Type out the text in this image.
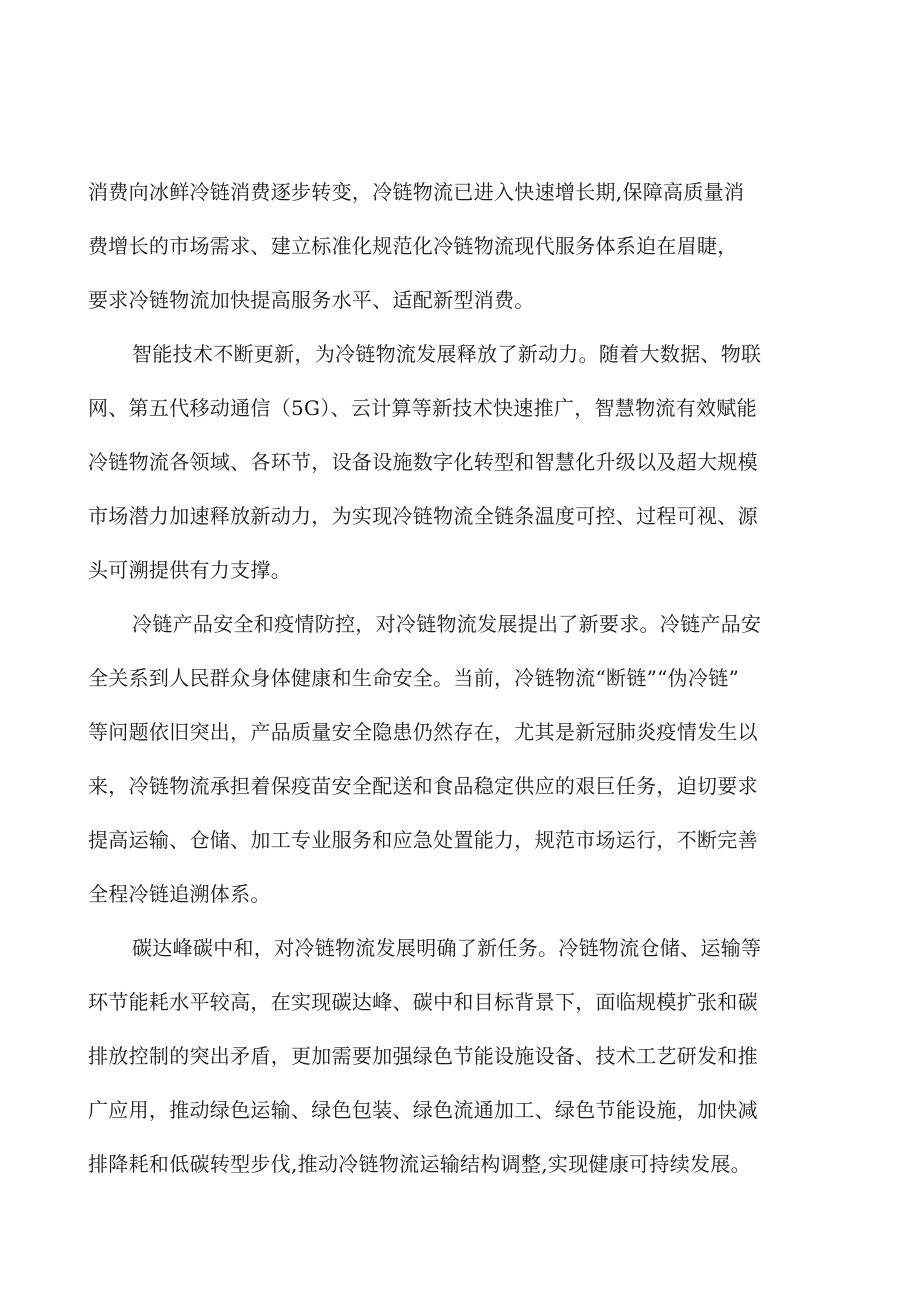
消费向冰鲜冷链消费逐步转变，冷链物流已进入快速增长期,保障高质量消
费增长的市场需求、建立标准化规范化冷链物流现代服务体系迫在眉睫，
要求冷链物流加快提高服务水平、适配新型消费。
智能技术不断更新，为冷链物流发展释放了新动力。随着大数据、物联
网、第五代移动通信（5G）、云计算等新技术快速推广，智慧物流有效赋能
冷链物流各领域、各环节，设备设施数字化转型和智慧化升级以及超大规模
市场潜力加速释放新动力，为实现冷链物流全链条温度可控、过程可视、源
头可溯提供有力支撑。
冷链产品安全和疫情防控，对冷链物流发展提出了新要求。冷链产品安
全关系到人民群众身体健康和生命安全。当前，冷链物流“断链”“伪冷链”
等问题依旧突出，产品质量安全隐患仍然存在，尤其是新冠肺炎疫情发生以
来，冷链物流承担着保疫苗安全配送和食品稳定供应的艰巨任务，迫切要求
提高运输、仓储、加工专业服务和应急处置能力，规范市场运行，不断完善
全程冷链追溯体系。
碳达峰碳中和，对冷链物流发展明确了新任务。冷链物流仓储、运输等
环节能耗水平较高，在实现碳达峰、碳中和目标背景下，面临规模扩张和碳
排放控制的突出矛盾，更加需要加强绿色节能设施设备、技术工艺研发和推
广应用，推动绿色运输、绿色包装、绿色流通加工、绿色节能设施，加快减
排降耗和低碳转型步伐,推动冷链物流运输结构调整,实现健康可持续发展。
